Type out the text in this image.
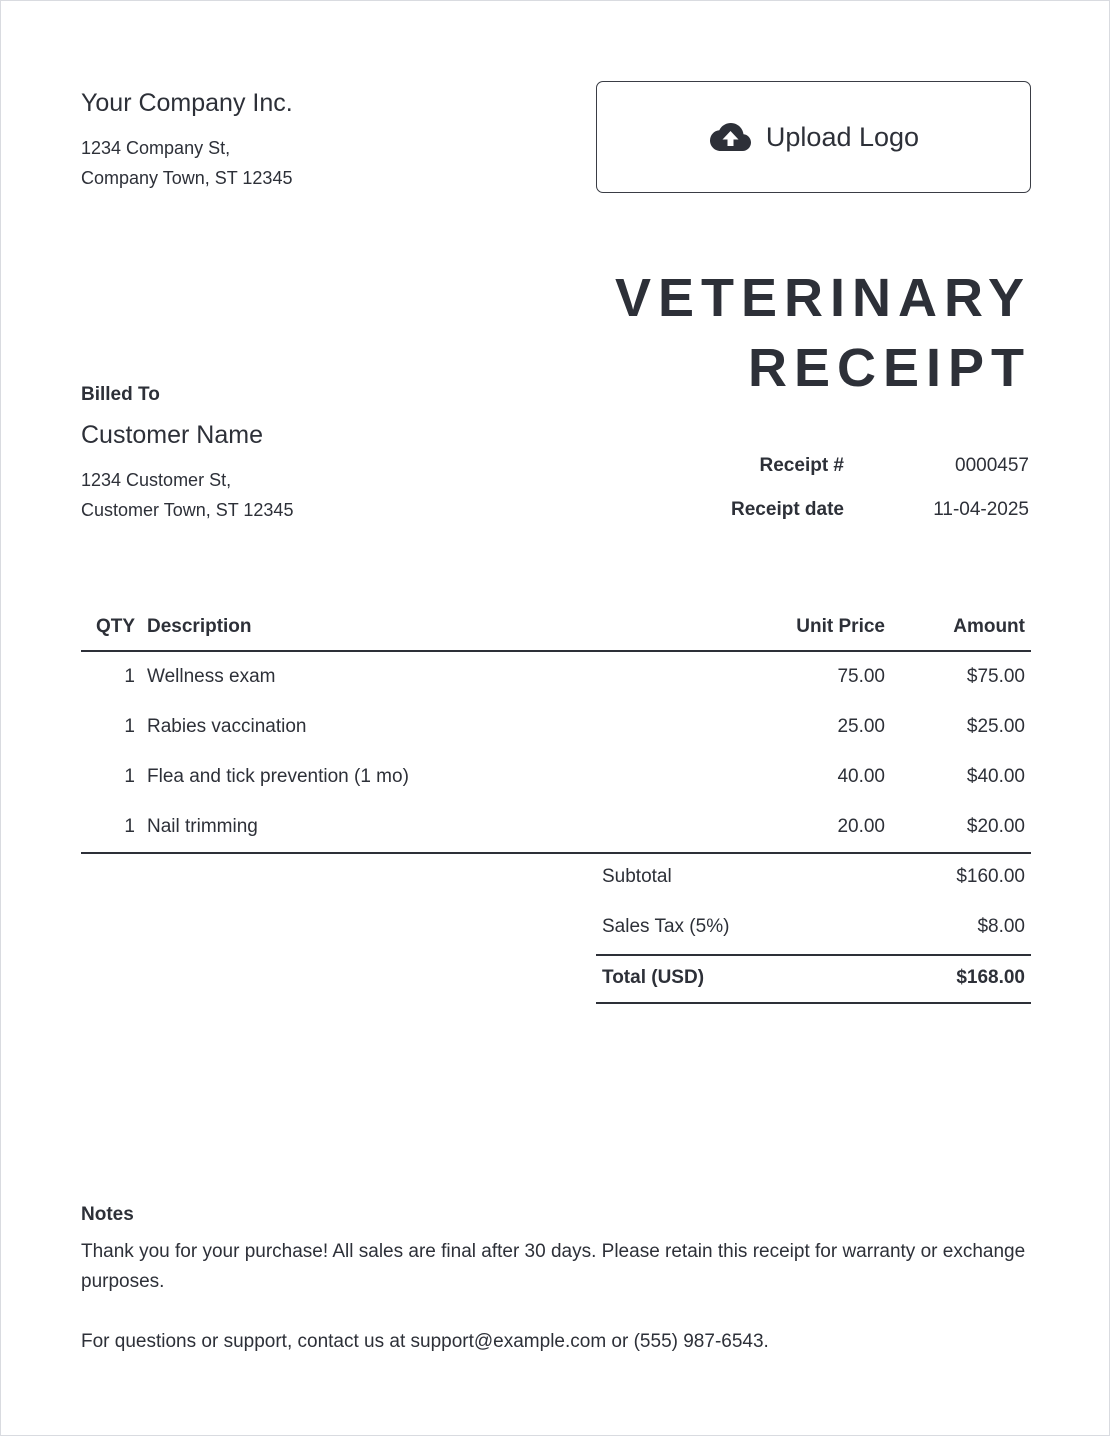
Your Company Inc.
1234 Company St,
Company Town, ST 12345
Upload Logo
VETERINARY
RECEIPT
Billed To
Customer Name
1234 Customer St,
Customer Town, ST 12345
Receipt #	0000457
Receipt date	11-04-2025
QTY	Description	Unit Price	Amount
1	Wellness exam	75.00	$75.00
1	Rabies vaccination	25.00	$25.00
1	Flea and tick prevention (1 mo)	40.00	$40.00
1	Nail trimming	20.00	$20.00
Subtotal	$160.00
Sales Tax (5%)	$8.00
Total (USD)	$168.00
Notes
Thank you for your purchase! All sales are final after 30 days. Please retain this receipt for warranty or exchange purposes.
For questions or support, contact us at support@example.com or (555) 987-6543.
